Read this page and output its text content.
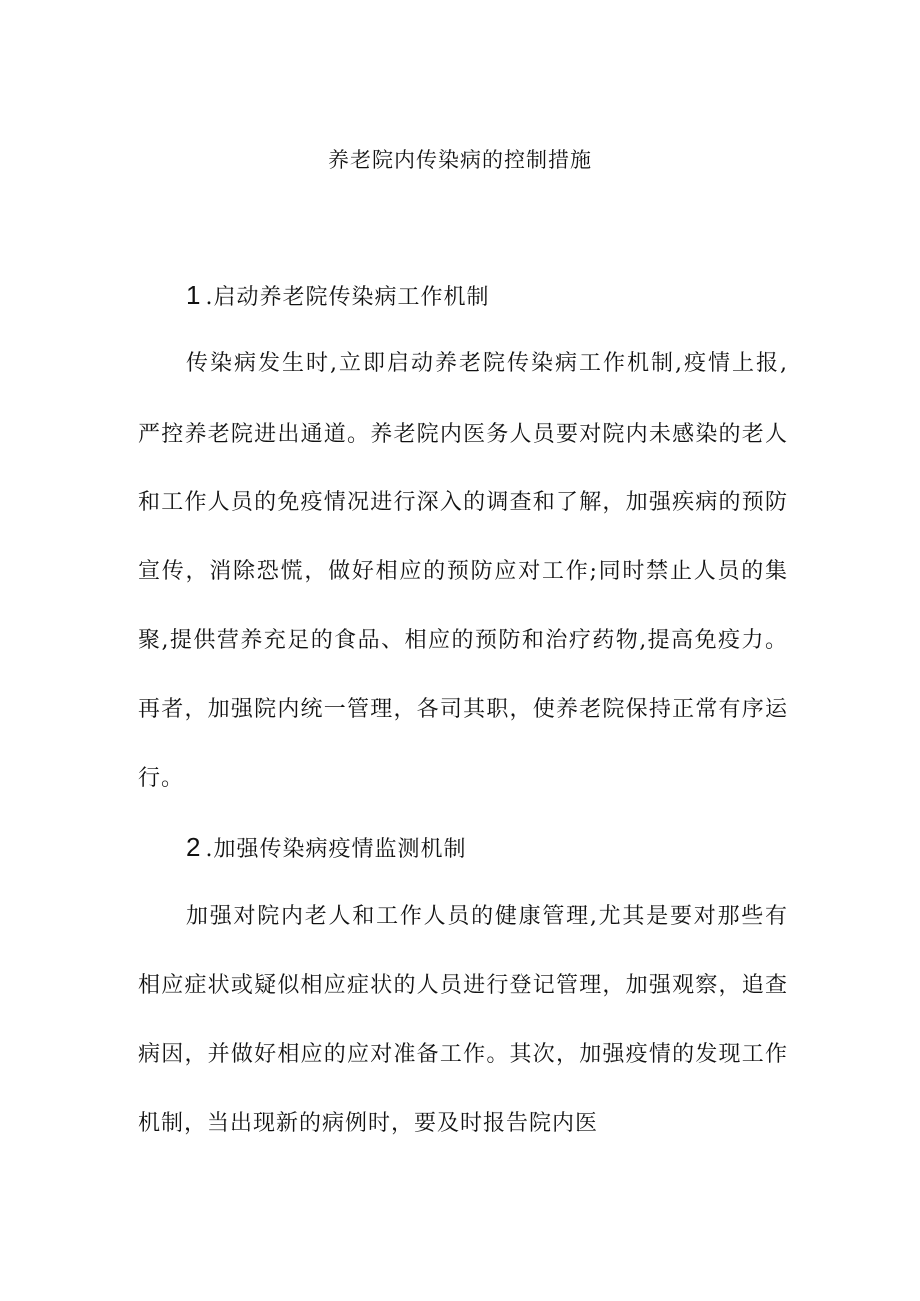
养老院内传染病的控制措施
1 .启动养老院传染病工作机制

传染病发生时,立即启动养老院传染病工作机制,疫情上报,

严控养老院进出通道。养老院内医务人员要对院内未感染的老人

和工作人员的免疫情况进行深入的调查和了解，加强疾病的预防

宣传，消除恐慌，做好相应的预防应对工作;同时禁止人员的集

聚,提供营养充足的食品、相应的预防和治疗药物,提高免疫力。

再者，加强院内统一管理，各司其职，使养老院保持正常有序运

行。

2 .加强传染病疫情监测机制

加强对院内老人和工作人员的健康管理,尤其是要对那些有

相应症状或疑似相应症状的人员进行登记管理，加强观察，追查

病因，并做好相应的应对准备工作。其次，加强疫情的发现工作

机制，当出现新的病例时，要及时报告院内医
